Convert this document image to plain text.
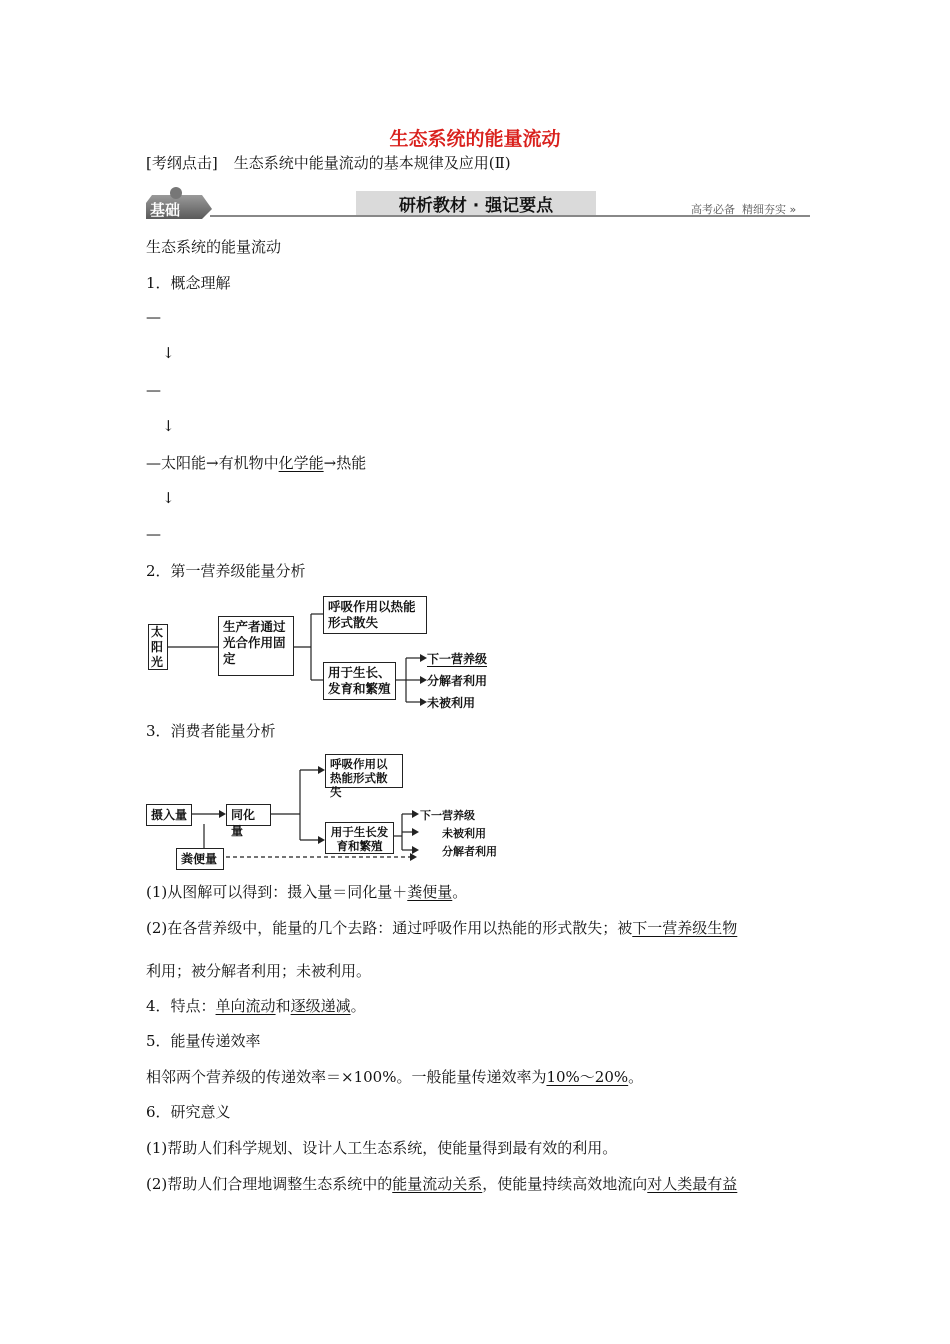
生态系统的能量流动
[考纲点击] 生态系统中能量流动的基本规律及应用(Ⅱ)
基础	研析教材 · 强记要点	高考必备  精细夯实 »
生态系统的能量流动
1．概念理解
—
↓
—
↓
—太阳能→有机物中化学能→热能
↓
—
2．第一营养级能量分析
太阳光
生产者通过光合作用固定
呼吸作用以热能形式散失
用于生长、发育和繁殖
下一营养级
分解者利用
未被利用
3．消费者能量分析
摄入量	同化量
呼吸作用以热能形式散失
用于生长发育和繁殖
粪便量
下一营养级
未被利用
分解者利用
(1)从图解可以得到：摄入量＝同化量＋粪便量。
(2)在各营养级中，能量的几个去路：通过呼吸作用以热能的形式散失；被下一营养级生物
利用；被分解者利用；未被利用。
4．特点：单向流动和逐级递减。
5．能量传递效率
相邻两个营养级的传递效率＝×100%。一般能量传递效率为10%～20%。
6．研究意义
(1)帮助人们科学规划、设计人工生态系统，使能量得到最有效的利用。
(2)帮助人们合理地调整生态系统中的能量流动关系，使能量持续高效地流向对人类最有益
